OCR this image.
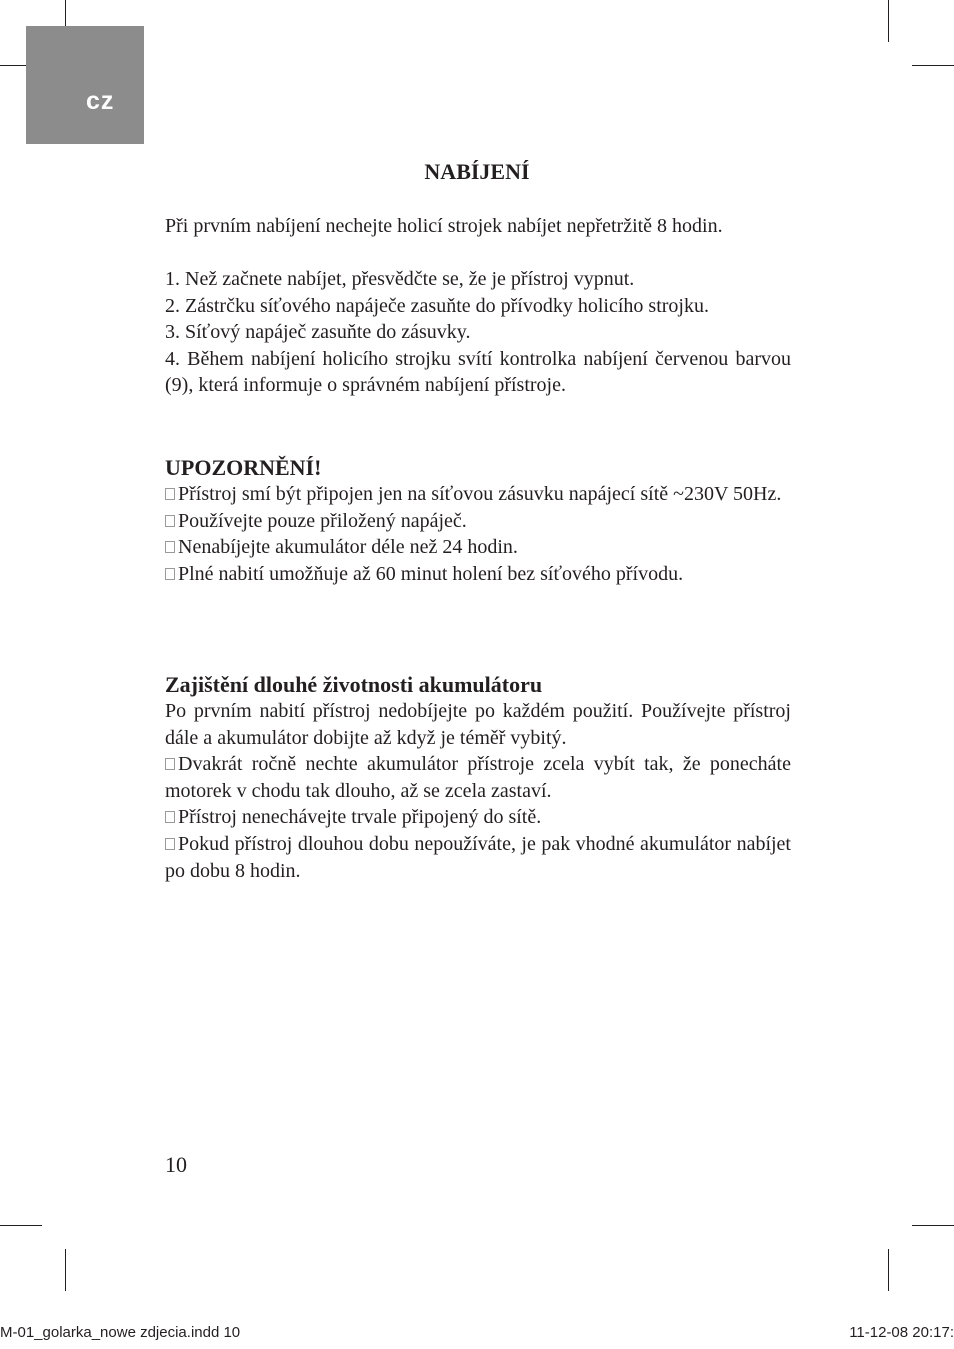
cz
NABÍJENÍ

Při prvním nabíjení nechejte holicí strojek nabíjet nepřetržitě 8 hodin.

1. Než začnete nabíjet, přesvědčte se, že je přístroj vypnut.

2. Zástrčku síťového napáječe zasuňte do přívodky holicího strojku.

3. Síťový napáječ zasuňte do zásuvky.

4. Během nabíjení holicího strojku svítí kontrolka nabíjení červenou barvou (9), která informuje o správném nabíjení přístroje.

UPOZORNĚNÍ!

Přístroj smí být připojen jen na síťovou zásuvku napájecí sítě ~230V 50Hz.

Používejte pouze přiložený napáječ.

Nenabíjejte akumulátor déle než 24 hodin.

Plné nabití umožňuje až 60 minut holení bez síťového přívodu.

Zajištění dlouhé životnosti akumulátoru

Po prvním nabití přístroj nedobíjejte po každém použití. Používejte přístroj dále a akumulátor dobijte až když je téměř vybitý.

Dvakrát ročně nechte akumulátor přístroje zcela vybít tak, že ponecháte motorek v chodu tak dlouho, až se zcela zastaví.

Přístroj nenechávejte trvale připojený do sítě.

Pokud přístroj dlouhou dobu nepoužíváte, je pak vhodné akumulátor nabíjet po dobu 8 hodin.

10
M-01_golarka_nowe zdjecia.indd 10	11-12-08 20:17:
